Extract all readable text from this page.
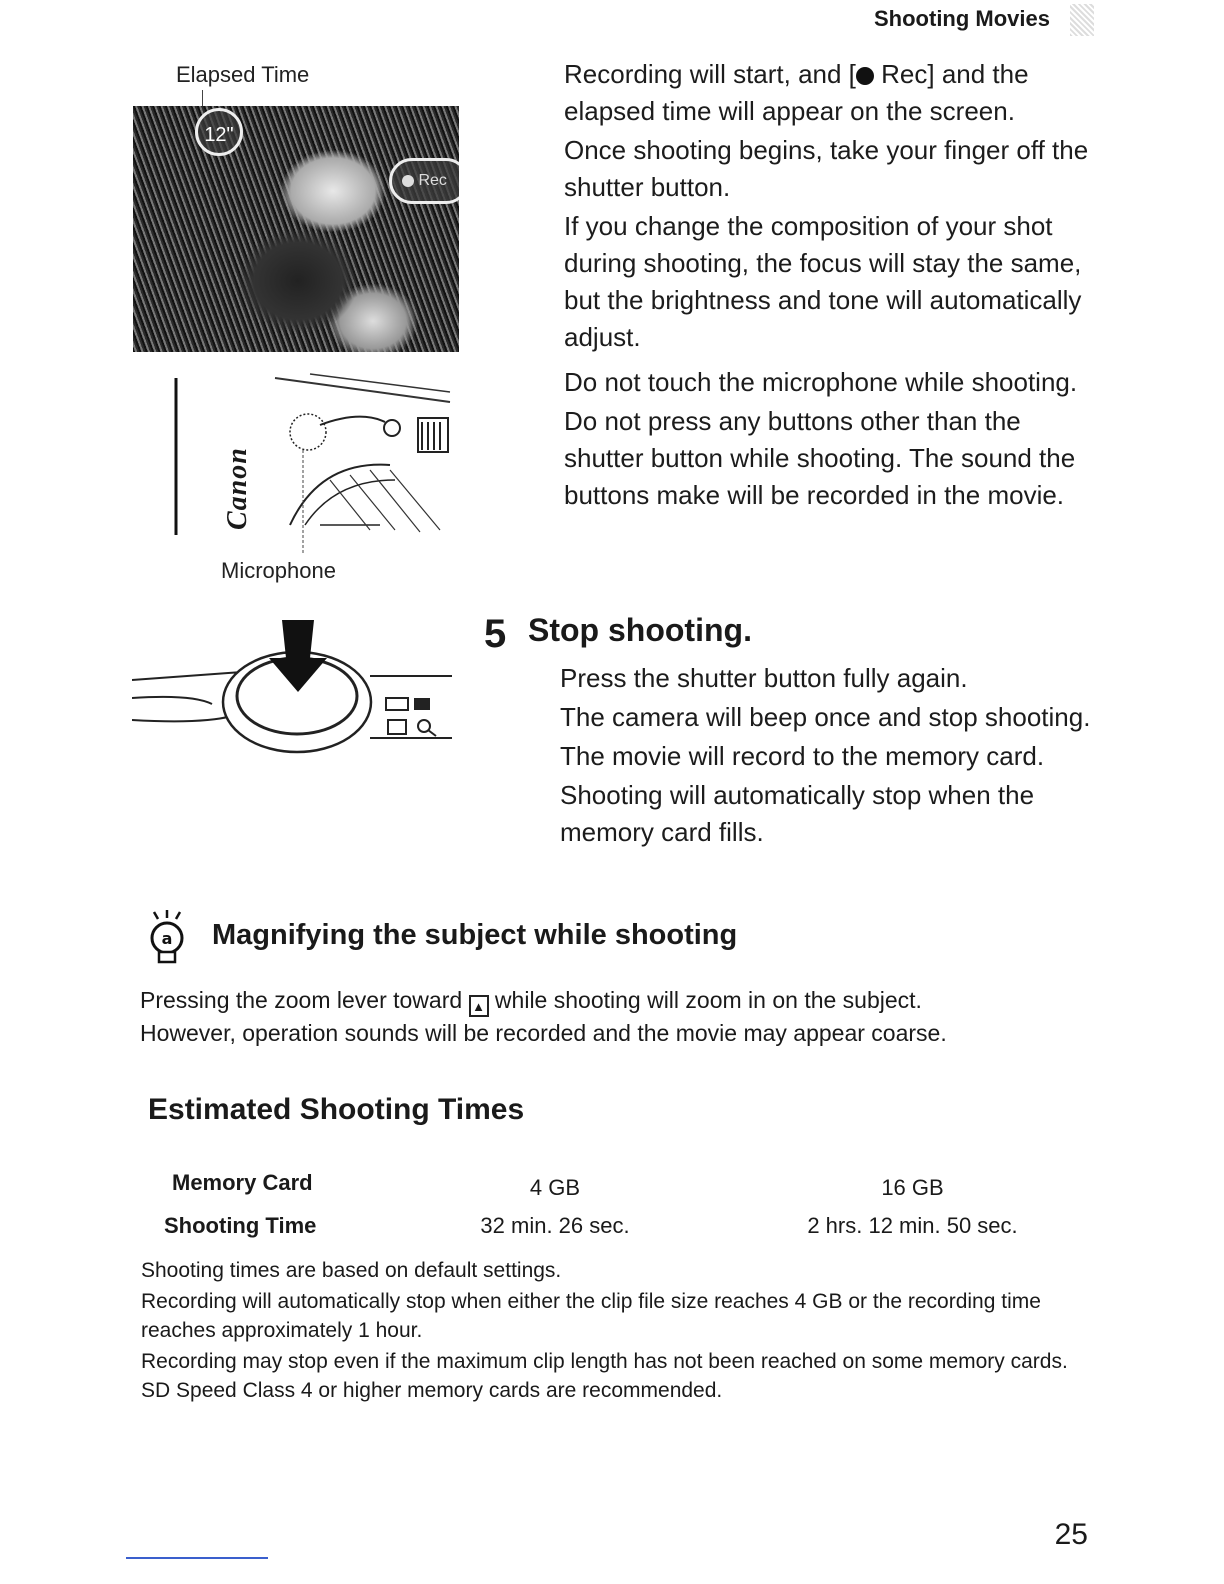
Shooting Movies
Elapsed Time
12"
Rec
Canon
Microphone

Recording will start, and [ Rec] and the elapsed time will appear on the screen.

Once shooting begins, take your finger off the shutter button.

If you change the composition of your shot during shooting, the focus will stay the same, but the brightness and tone will automatically adjust.

Do not touch the microphone while shooting.

Do not press any buttons other than the shutter button while shooting. The sound the buttons make will be recorded in the movie.

5 Stop shooting.

Press the shutter button fully again.

The camera will beep once and stop shooting.

The movie will record to the memory card.

Shooting will automatically stop when the memory card fills.

a Magnifying the subject while shooting
Pressing the zoom lever toward ▲ while shooting will zoom in on the subject.
However, operation sounds will be recorded and the movie may appear coarse.
Estimated Shooting Times
Memory Card
Shooting Time
4 GB
32 min. 26 sec.
16 GB
2 hrs. 12 min. 50 sec.

Shooting times are based on default settings.

Recording will automatically stop when either the clip file size reaches 4 GB or the recording time reaches approximately 1 hour.

Recording may stop even if the maximum clip length has not been reached on some memory cards. SD Speed Class 4 or higher memory cards are recommended.

25
